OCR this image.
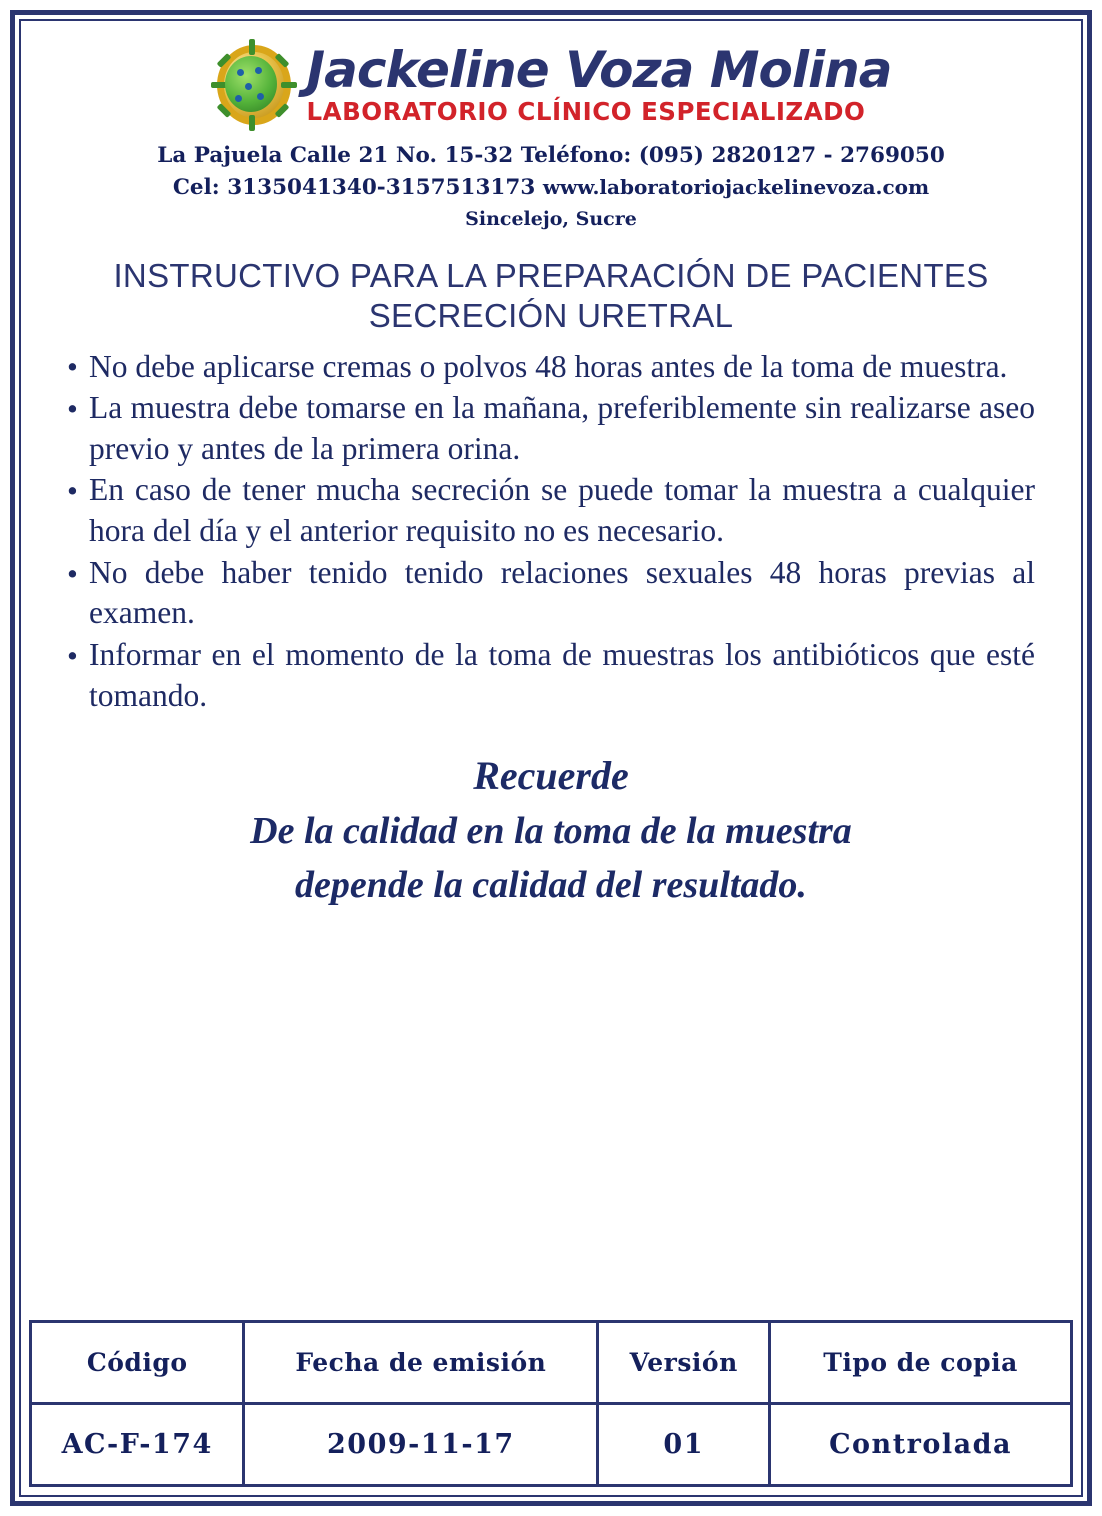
Jackeline Voza Molina
LABORATORIO CLÍNICO ESPECIALIZADO
La Pajuela Calle 21 No. 15-32 Teléfono: (095) 2820127 - 2769050
Cel: 3135041340-3157513173 www.laboratoriojackelinevoza.com
Sincelejo, Sucre
INSTRUCTIVO PARA LA PREPARACIÓN DE PACIENTES
SECRECIÓN URETRAL
• No debe aplicarse cremas o polvos 48 horas antes de la toma de muestra.
• La muestra debe tomarse en la mañana, preferiblemente sin realizarse aseo previo y antes de la primera orina.
• En caso de tener mucha secreción se puede tomar la muestra a cualquier hora del día y el anterior requisito no es necesario.
• No debe haber tenido tenido relaciones sexuales 48 horas previas al examen.
• Informar en el momento de la toma de muestras los antibióticos que esté tomando.
Recuerde
De la calidad en la toma de la muestra
depende la calidad del resultado.
Código	Fecha de emisión	Versión	Tipo de copia
AC-F-174	2009-11-17	01	Controlada
